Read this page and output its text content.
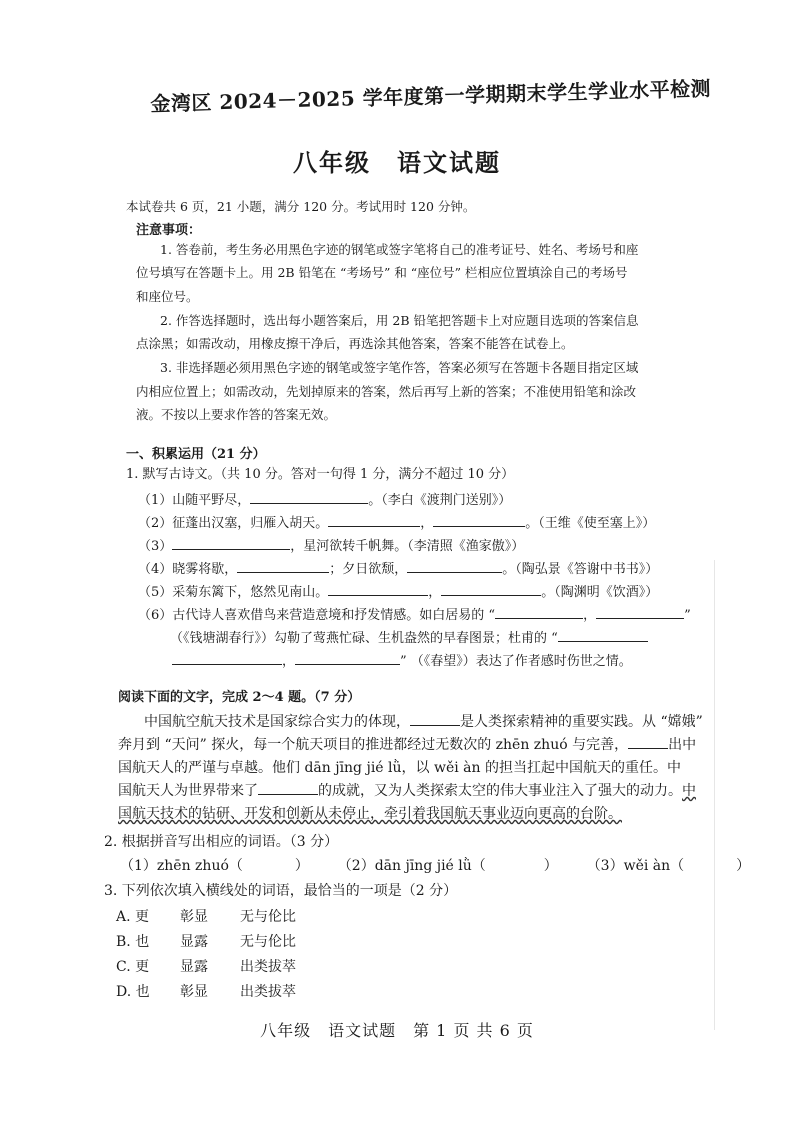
金湾区 2024－2025 学年度第一学期期末学生学业水平检测
八年级　语文试题
本试卷共 6 页，21 小题，满分 120 分。考试用时 120 分钟。
注意事项：
1. 答卷前，考生务必用黑色字迹的钢笔或签字笔将自己的准考证号、姓名、考场号和座
位号填写在答题卡上。用 2B 铅笔在 “考场号” 和 “座位号” 栏相应位置填涂自己的考场号
和座位号。
2. 作答选择题时，选出每小题答案后，用 2B 铅笔把答题卡上对应题目选项的答案信息
点涂黑；如需改动，用橡皮擦干净后，再选涂其他答案，答案不能答在试卷上。
3. 非选择题必须用黑色字迹的钢笔或签字笔作答，答案必须写在答题卡各题目指定区域
内相应位置上；如需改动，先划掉原来的答案，然后再写上新的答案；不准使用铅笔和涂改
液。不按以上要求作答的答案无效。
一、积累运用（21 分）
1. 默写古诗文。（共 10 分。答对一句得 1 分，满分不超过 10 分）
（1）山随平野尽，	。（李白《渡荆门送别》）
（2）征蓬出汉塞，归雁入胡天。	，	。（王维《使至塞上》）
（3）	，星河欲转千帆舞。（李清照《渔家傲》）
（4）晓雾将歇，	；夕日欲颓，	。（陶弘景《答谢中书书》）
（5）采菊东篱下，悠然见南山。	，	。（陶渊明《饮酒》）
（6）古代诗人喜欢借鸟来营造意境和抒发情感。如白居易的 “	，	”
（《钱塘湖春行》）勾勒了莺燕忙碌、生机盎然的早春图景；杜甫的 “
，	” （《春望》）表达了作者感时伤世之情。
阅读下面的文字，完成 2～4 题。（7 分）
中国航空航天技术是国家综合实力的体现，	是人类探索精神的重要实践。从 “嫦娥”
奔月到 “天问” 探火，每一个航天项目的推进都经过无数次的 zhēn zhuó 与完善，	出中
国航天人的严谨与卓越。他们 dān jīng jié lǜ，以 wěi àn 的担当扛起中国航天的重任。中
国航天人为世界带来了	的成就，又为人类探索太空的伟大事业注入了强大的动力。中
国航天技术的钻研、开发和创新从未停止，牵引着我国航天事业迈向更高的台阶。
2. 根据拼音写出相应的词语。（3 分）
（1）zhēn zhuó（	） （2）dān jīng jié lǜ（	） （3）wěi àn（	）
3. 下列依次填入横线处的词语，最恰当的一项是（2 分）
A. 更 彰显 无与伦比
B. 也 显露 无与伦比
C. 更 显露 出类拔萃
D. 也 彰显 出类拔萃
八年级　语文试题　第 1 页 共 6 页
